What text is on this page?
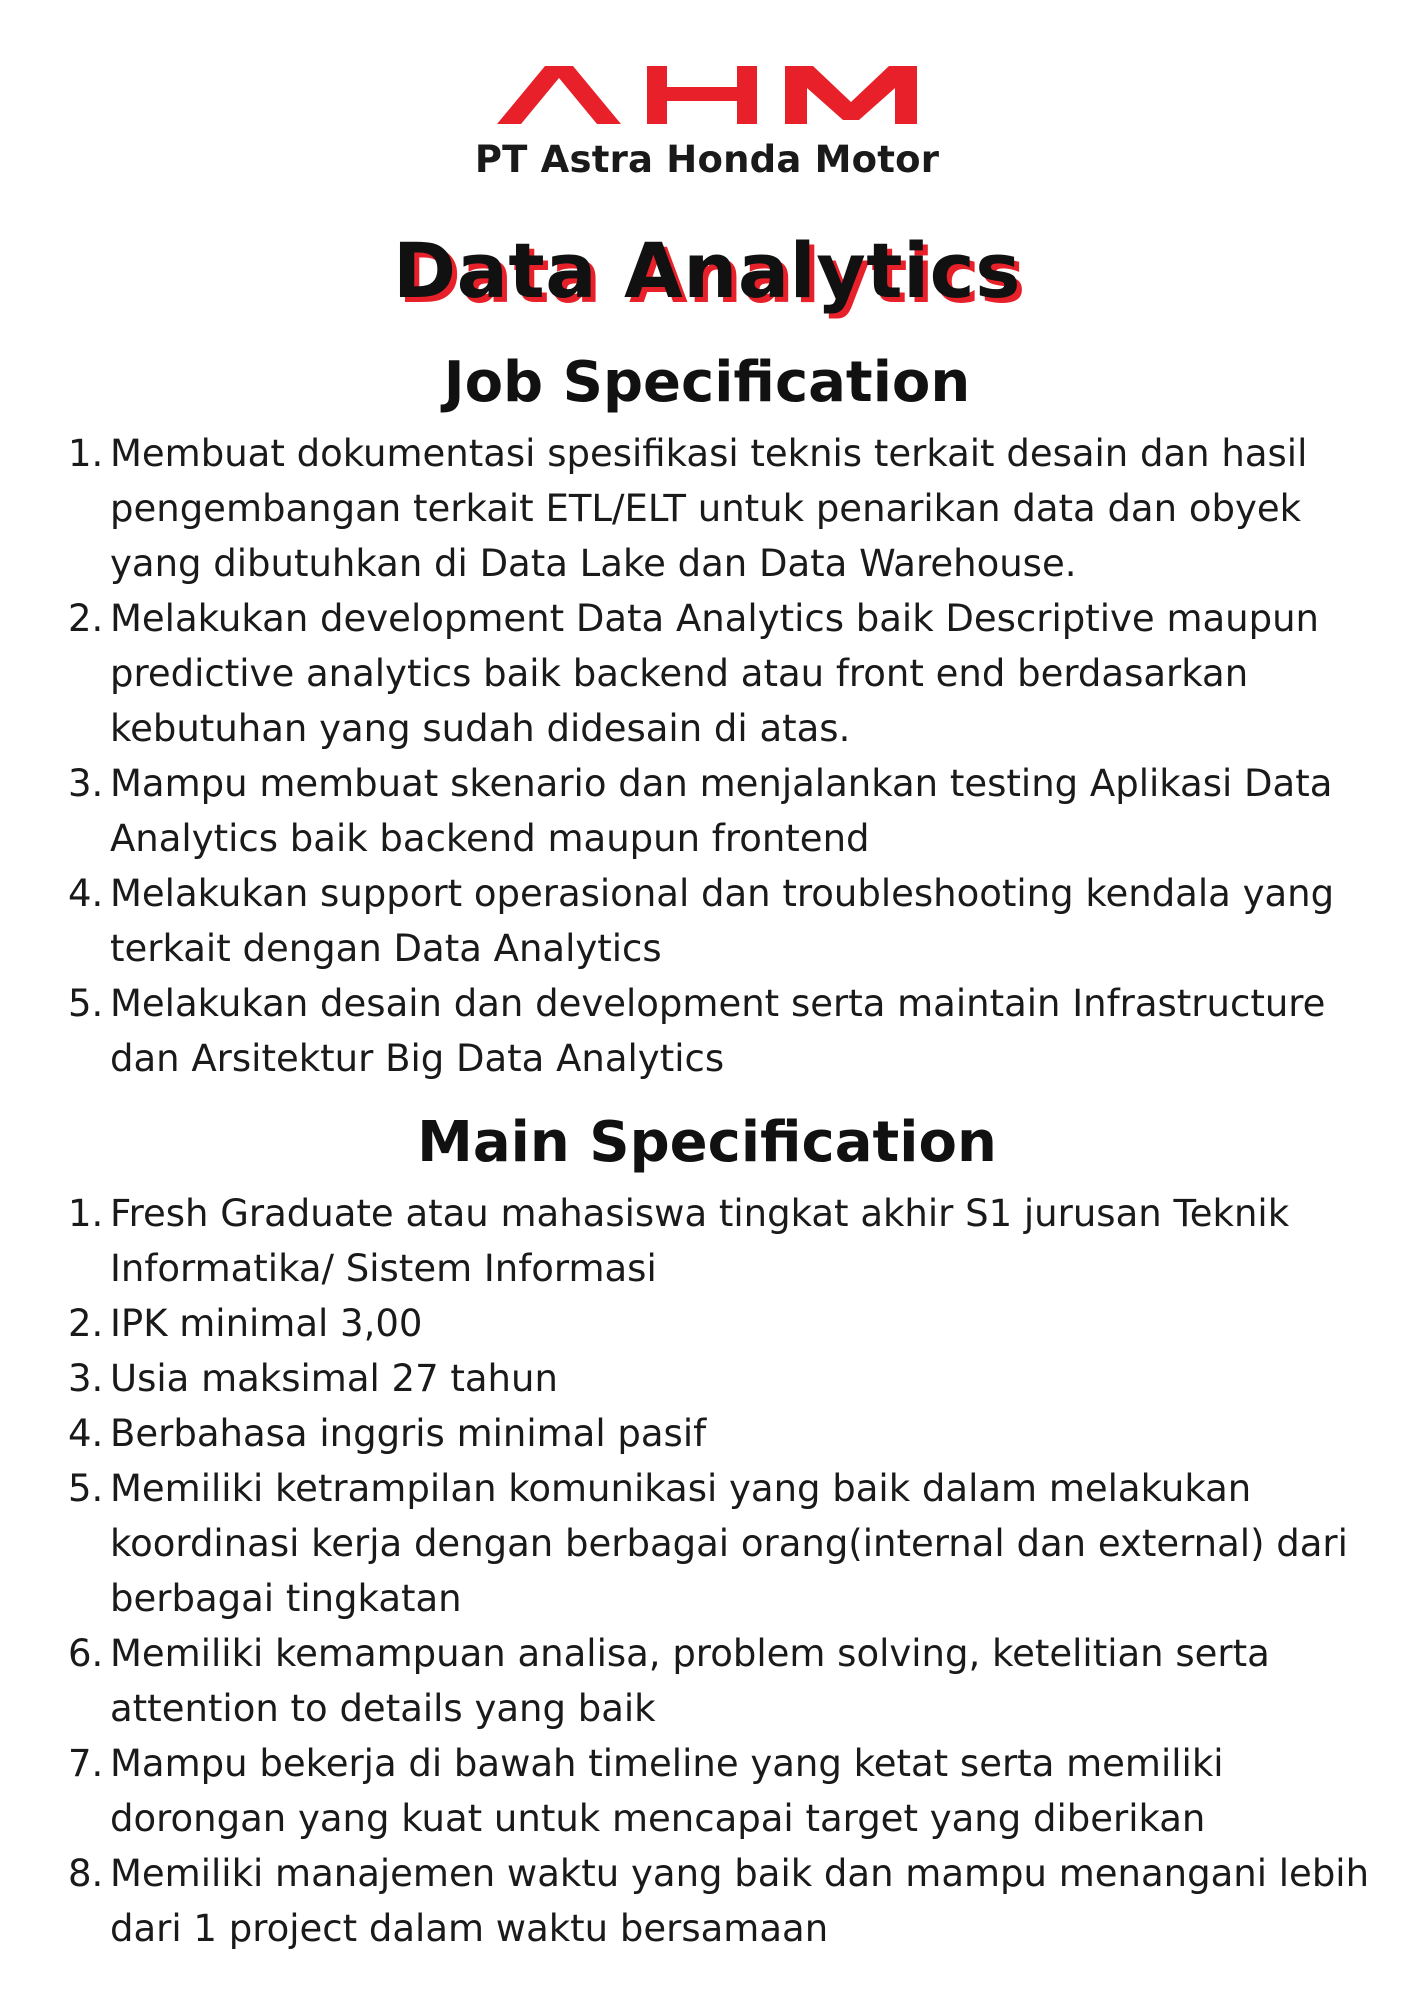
PT Astra Honda Motor
Data Analytics
Job Specification
1. Membuat dokumentasi spesifikasi teknis terkait desain dan hasil pengembangan terkait ETL/ELT untuk penarikan data dan obyek yang dibutuhkan di Data Lake dan Data Warehouse.
2. Melakukan development Data Analytics baik Descriptive maupun predictive analytics baik backend atau front end berdasarkan kebutuhan yang sudah didesain di atas.
3. Mampu membuat skenario dan menjalankan testing Aplikasi Data Analytics baik backend maupun frontend
4. Melakukan support operasional dan troubleshooting kendala yang terkait dengan Data Analytics
5. Melakukan desain dan development serta maintain Infrastructure dan Arsitektur Big Data Analytics
Main Specification
1. Fresh Graduate atau mahasiswa tingkat akhir S1 jurusan Teknik Informatika/ Sistem Informasi
2. IPK minimal 3,00
3. Usia maksimal 27 tahun
4. Berbahasa inggris minimal pasif
5. Memiliki ketrampilan komunikasi yang baik dalam melakukan koordinasi kerja dengan berbagai orang(internal dan external) dari berbagai tingkatan
6. Memiliki kemampuan analisa, problem solving, ketelitian serta attention to details yang baik
7. Mampu bekerja di bawah timeline yang ketat serta memiliki dorongan yang kuat untuk mencapai target yang diberikan
8. Memiliki manajemen waktu yang baik dan mampu menangani lebih dari 1 project dalam waktu bersamaan
